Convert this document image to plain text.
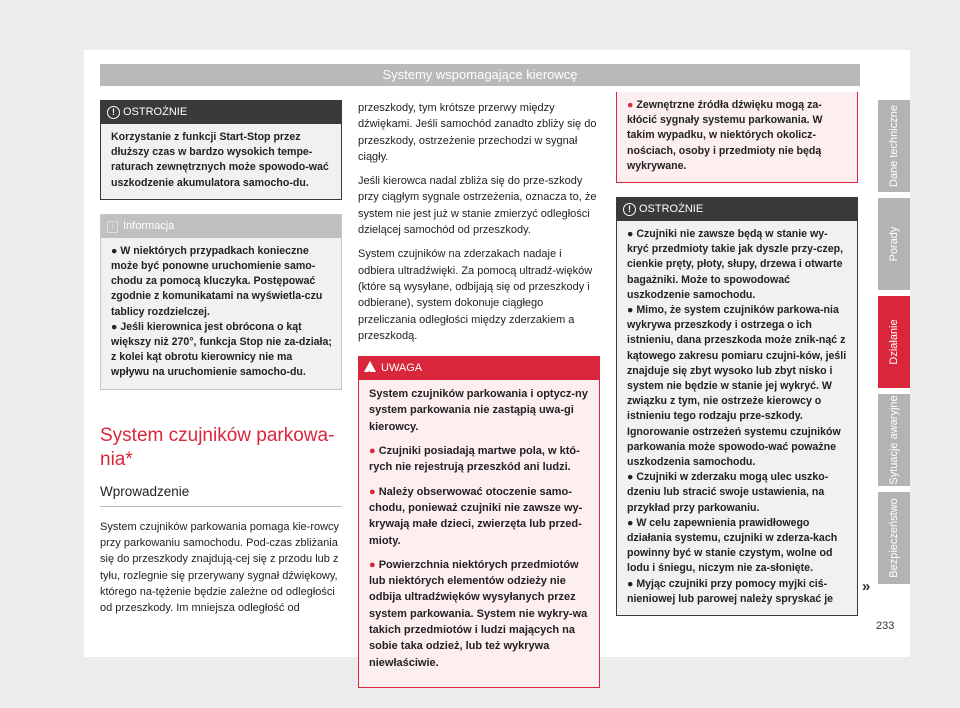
Systemy wspomagające kierowcę
! OSTROŻNIE

Korzystanie z funkcji Start-Stop przez dłuższy czas w bardzo wysokich tempe-raturach zewnętrznych może spowodo-wać uszkodzenie akumulatora samocho-du.

i Informacja

● W niektórych przypadkach konieczne może być ponowne uruchomienie samo-chodu za pomocą kluczyka. Postępować zgodnie z komunikatami na wyświetla-czu tablicy rozdzielczej.

● Jeśli kierownica jest obrócona o kąt większy niż 270°, funkcja Stop nie za-działa; z kolei kąt obrotu kierownicy nie ma wpływu na uruchomienie samocho-du.

System czujników parkowa-nia*
Wprowadzenie

System czujników parkowania pomaga kie-rowcy przy parkowaniu samochodu. Pod-czas zbliżania się do przeszkody znajdują-cej się z przodu lub z tyłu, rozlegnie się przerywany sygnał dźwiękowy, którego na-tężenie będzie zależne od odległości od przeszkody. Im mniejsza odległość od

przeszkody, tym krótsze przerwy między dźwiękami. Jeśli samochód zanadto zbliży się do przeszkody, ostrzeżenie przechodzi w sygnał ciągły.

Jeśli kierowca nadal zbliża się do prze-szkody przy ciągłym sygnale ostrzeżenia, oznacza to, że system nie jest już w stanie zmierzyć odległości dzielącej samochód od przeszkody.

System czujników na zderzakach nadaje i odbiera ultradźwięki. Za pomocą ultradź-więków (które są wysyłane, odbijają się od przeszkody i odbierane), system dokonuje ciągłego przeliczania odległości między zderzakiem a przeszkodą.

!
UWAGA

System czujników parkowania i optycz-ny system parkowania nie zastąpią uwa-gi kierowcy.

● Czujniki posiadają martwe pola, w któ-rych nie rejestrują przeszkód ani ludzi.

● Należy obserwować otoczenie samo-chodu, ponieważ czujniki nie zawsze wy-krywają małe dzieci, zwierzęta lub przed-mioty.

● Powierzchnia niektórych przedmiotów lub niektórych elementów odzieży nie odbija ultradźwięków wysyłanych przez system parkowania. System nie wykry-wa takich przedmiotów i ludzi mających na sobie taka odzież, lub też wykrywa niewłaściwie.

● Zewnętrzne źródła dźwięku mogą za-kłócić sygnały systemu parkowania. W takim wypadku, w niektórych okolicz-nościach, osoby i przedmioty nie będą wykrywane.

! OSTROŻNIE

● Czujniki nie zawsze będą w stanie wy-kryć przedmioty takie jak dyszle przy-czep, cienkie pręty, płoty, słupy, drzewa i otwarte bagażniki. Może to spowodować uszkodzenie samochodu.

● Mimo, że system czujników parkowa-nia wykrywa przeszkody i ostrzega o ich istnieniu, dana przeszkoda może znik-nąć z kątowego zakresu pomiaru czujni-ków, jeśli znajduje się zbyt wysoko lub zbyt nisko i system nie będzie w stanie jej wykryć. W związku z tym, nie ostrzeże kierowcy o istnieniu tego rodzaju prze-szkody. Ignorowanie ostrzeżeń systemu czujników parkowania może spowodo-wać poważne uszkodzenia samochodu.

● Czujniki w zderzaku mogą ulec uszko-dzeniu lub stracić swoje ustawienia, na przykład przy parkowaniu.

● W celu zapewnienia prawidłowego działania systemu, czujniki w zderza-kach powinny być w stanie czystym, wolne od lodu i śniegu, niczym nie za-słonięte.

● Myjąc czujniki przy pomocy myjki ciś-nieniowej lub parowej należy spryskać je

»
Dane techniczne
Porady
Działanie
Sytuacje awaryjne
Bezpieczeństwo
233
